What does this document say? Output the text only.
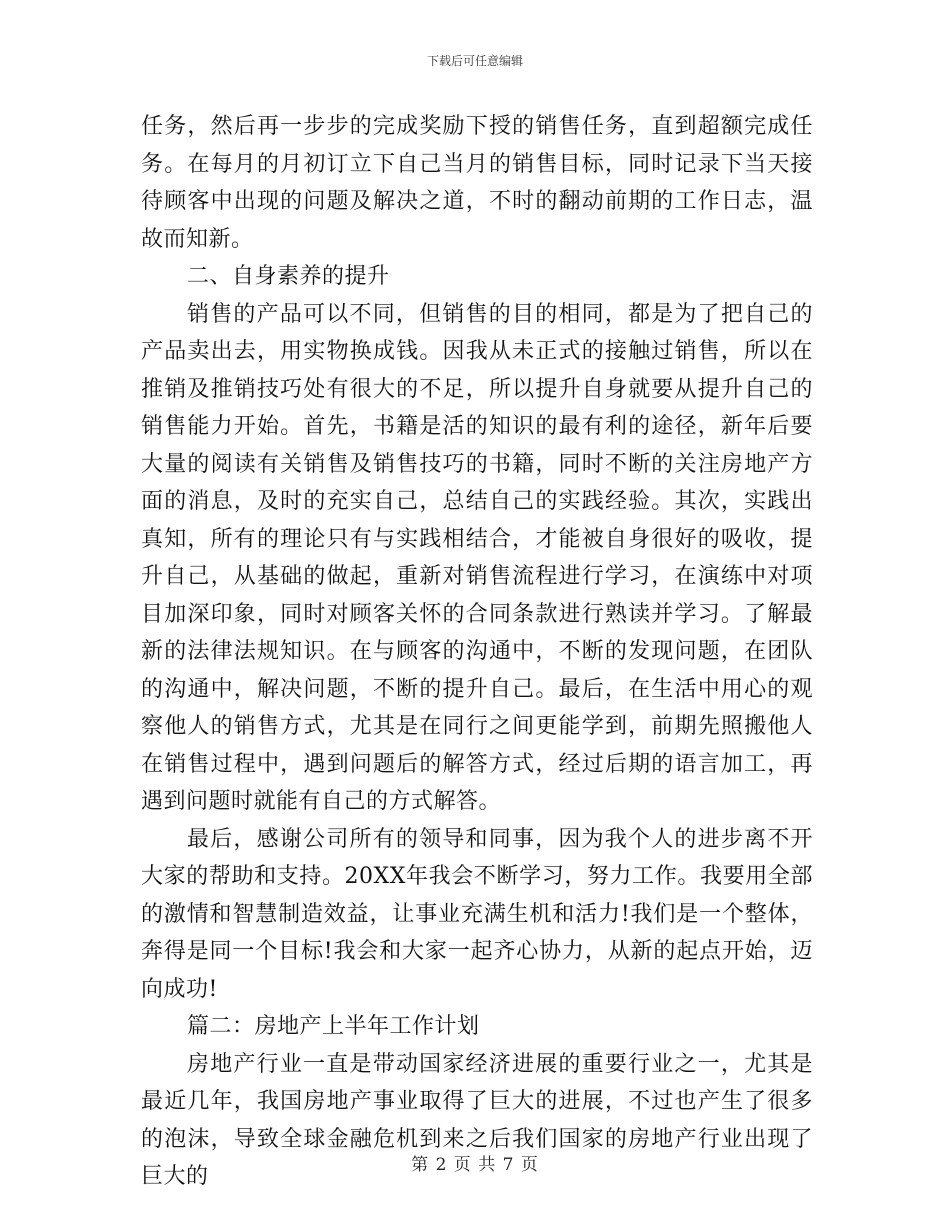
下载后可任意编辑

任务，然后再一步步的完成奖励下授的销售任务，直到超额完成任务。在每月的月初订立下自己当月的销售目标，同时记录下当天接待顾客中出现的问题及解决之道，不时的翻动前期的工作日志，温故而知新。

二、自身素养的提升

销售的产品可以不同，但销售的目的相同，都是为了把自己的产品卖出去，用实物换成钱。因我从未正式的接触过销售，所以在推销及推销技巧处有很大的不足，所以提升自身就要从提升自己的销售能力开始。首先，书籍是活的知识的最有利的途径，新年后要大量的阅读有关销售及销售技巧的书籍，同时不断的关注房地产方面的消息，及时的充实自己，总结自己的实践经验。其次，实践出真知，所有的理论只有与实践相结合，才能被自身很好的吸收，提升自己，从基础的做起，重新对销售流程进行学习，在演练中对项目加深印象，同时对顾客关怀的合同条款进行熟读并学习。了解最新的法律法规知识。在与顾客的沟通中，不断的发现问题，在团队的沟通中，解决问题，不断的提升自己。最后，在生活中用心的观察他人的销售方式，尤其是在同行之间更能学到，前期先照搬他人在销售过程中，遇到问题后的解答方式，经过后期的语言加工，再遇到问题时就能有自己的方式解答。

最后，感谢公司所有的领导和同事，因为我个人的进步离不开大家的帮助和支持。20XX年我会不断学习，努力工作。我要用全部的激情和智慧制造效益，让事业充满生机和活力!我们是一个整体，奔得是同一个目标!我会和大家一起齐心协力，从新的起点开始，迈向成功!

篇二：房地产上半年工作计划

房地产行业一直是带动国家经济进展的重要行业之一，尤其是最近几年，我国房地产事业取得了巨大的进展，不过也产生了很多的泡沫，导致全球金融危机到来之后我们国家的房地产行业出现了巨大的	第 2 页 共 7 页
